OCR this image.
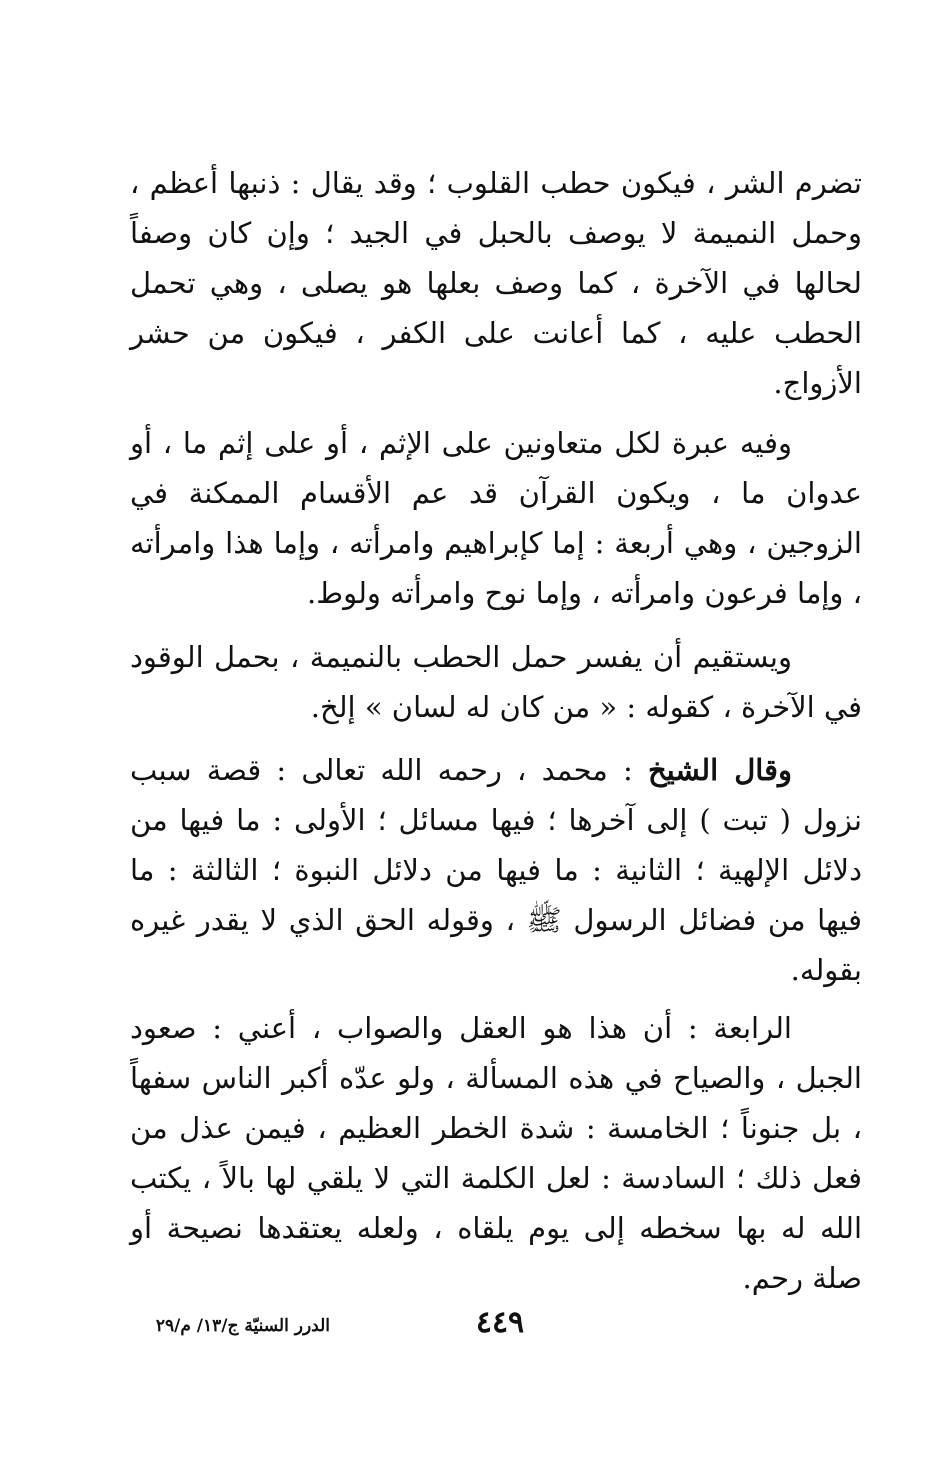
تضرم الشر ، فيكون حطب القلوب ؛ وقد يقال : ذنبها أعظم ، وحمل النميمة لا يوصف بالحبل في الجيد ؛ وإن كان وصفاً لحالها في الآخرة ، كما وصف بعلها هو يصلى ، وهي تحمل الحطب عليه ، كما أعانت على الكفر ، فيكون من حشر الأزواج.

وفيه عبرة لكل متعاونين على الإثم ، أو على إثم ما ، أو عدوان ما ، ويكون القرآن قد عم الأقسام الممكنة في الزوجين ، وهي أربعة : إما كإبراهيم وامرأته ، وإما هذا وامرأته ، وإما فرعون وامرأته ، وإما نوح وامرأته ولوط.

ويستقيم أن يفسر حمل الحطب بالنميمة ، بحمل الوقود في الآخرة ، كقوله : « من كان له لسان » إلخ.

وقال الشيخ : محمد ، رحمه الله تعالى : قصة سبب نزول ( تبت ) إلى آخرها ؛ فيها مسائل ؛ الأولى : ما فيها من دلائل الإلهية ؛ الثانية : ما فيها من دلائل النبوة ؛ الثالثة : ما فيها من فضائل الرسول ﷺ ، وقوله الحق الذي لا يقدر غيره بقوله.

الرابعة : أن هذا هو العقل والصواب ، أعني : صعود الجبل ، والصياح في هذه المسألة ، ولو عدّه أكبر الناس سفهاً ، بل جنوناً ؛ الخامسة : شدة الخطر العظيم ، فيمن عذل من فعل ذلك ؛ السادسة : لعل الكلمة التي لا يلقي لها بالاً ، يكتب الله له بها سخطه إلى يوم يلقاه ، ولعله يعتقدها نصيحة أو صلة رحم.

٤٤٩
الدرر السنيّة ج/١٣/ م/٢٩
